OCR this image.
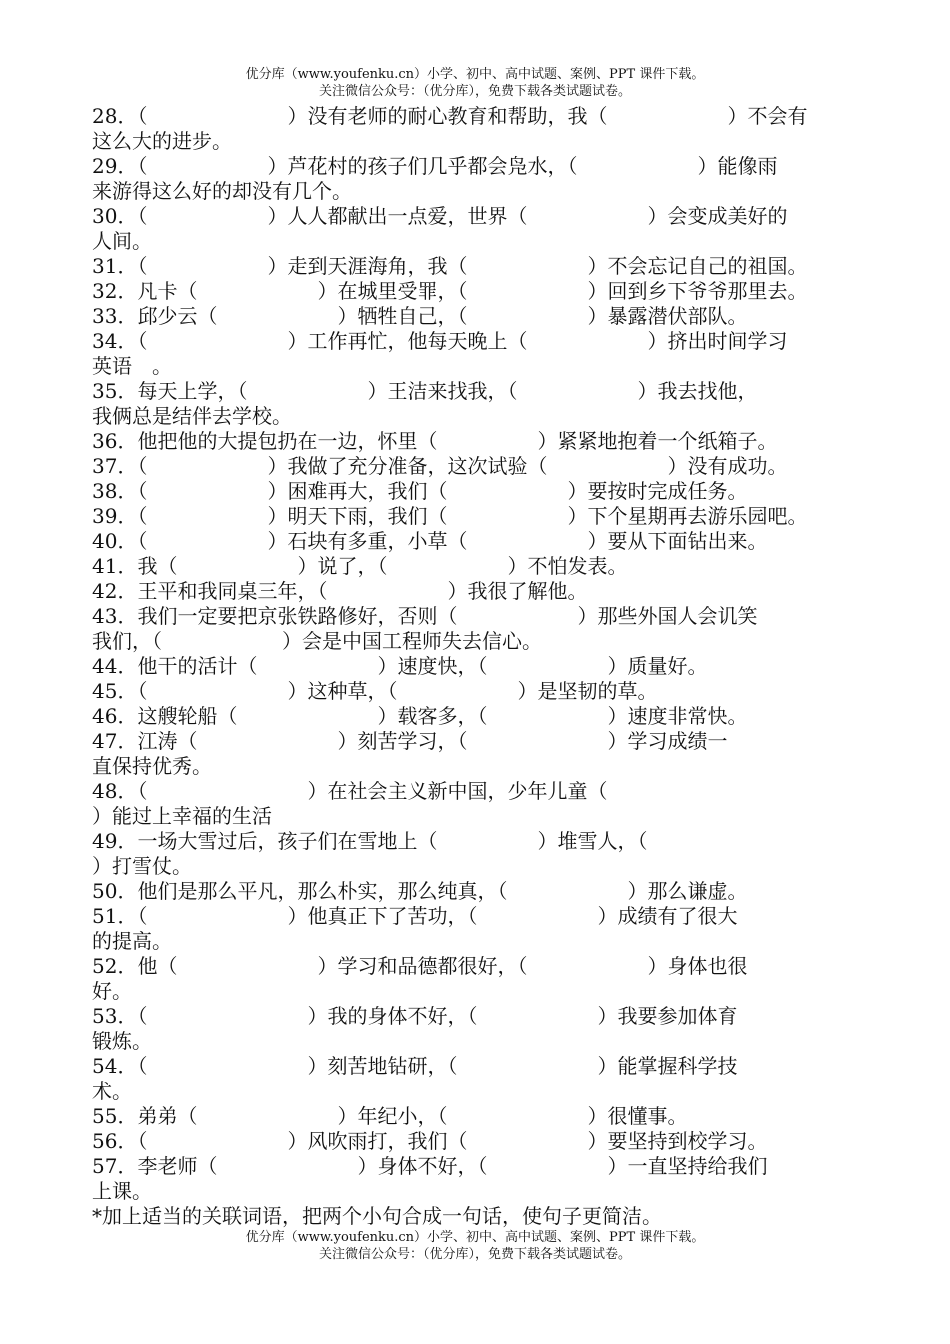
优分库（www.youfenku.cn）小学、初中、高中试题、案例、PPT 课件下载。
关注微信公众号：（优分库），免费下载各类试题试卷。
28．（　　　　　　　）没有老师的耐心教育和帮助，我（　　　　　　）不会有
这么大的进步。
29．（　　　　　　）芦花村的孩子们几乎都会凫水，（　　　　　　）能像雨
来游得这么好的却没有几个。
30．（　　　　　　）人人都献出一点爱，世界（　　　　　　）会变成美好的
人间。
31．（　　　　　　）走到天涯海角，我（　　　　　　）不会忘记自己的祖国。
32．凡卡（　　　　　　）在城里受罪，（　　　　　　）回到乡下爷爷那里去。
33．邱少云（　　　　　　）牺牲自己，（　　　　　　）暴露潜伏部队。
34．（　　　　　　　）工作再忙，他每天晚上（　　　　　　）挤出时间学习
英语　。
35．每天上学，（　　　　　　）王洁来找我，（　　　　　　）我去找他，
我俩总是结伴去学校。
36．他把他的大提包扔在一边，怀里（　　　　　）紧紧地抱着一个纸箱子。
37．（　　　　　　）我做了充分准备，这次试验（　　　　　　）没有成功。
38．（　　　　　　）困难再大，我们（　　　　　　）要按时完成任务。
39．（　　　　　　）明天下雨，我们（　　　　　　）下个星期再去游乐园吧。
40．（　　　　　　）石块有多重，小草（　　　　　　）要从下面钻出来。
41．我（　　　　　　）说了，（　　　　　　）不怕发表。
42．王平和我同桌三年，（　　　　　　）我很了解他。
43．我们一定要把京张铁路修好，否则（　　　　　　）那些外国人会讥笑
我们，（　　　　　　）会是中国工程师失去信心。
44．他干的活计（　　　　　　）速度快，（　　　　　　）质量好。
45．（　　　　　　　）这种草，（　　　　　　）是坚韧的草。
46．这艘轮船（　　　　　　　）载客多，（　　　　　　）速度非常快。
47．江涛（　　　　　　　）刻苦学习，（　　　　　　　）学习成绩一
直保持优秀。
48．（　　　　　　　　）在社会主义新中国，少年儿童（
）能过上幸福的生活
49．一场大雪过后，孩子们在雪地上（　　　　　）堆雪人，（
）打雪仗。
50．他们是那么平凡，那么朴实，那么纯真，（　　　　　　）那么谦虚。
51．（　　　　　　　）他真正下了苦功，（　　　　　　）成绩有了很大
的提高。
52．他（　　　　　　　）学习和品德都很好，（　　　　　　）身体也很
好。
53．（　　　　　　　　）我的身体不好，（　　　　　　）我要参加体育
锻炼。
54．（　　　　　　　　）刻苦地钻研，（　　　　　　　）能掌握科学技
术。
55．弟弟（　　　　　　　）年纪小，（　　　　　　　）很懂事。
56．（　　　　　　　）风吹雨打，我们（　　　　　　）要坚持到校学习。
57．李老师（　　　　　　　）身体不好，（　　　　　　）一直坚持给我们
上课。
*加上适当的关联词语，把两个小句合成一句话，使句子更简洁。
优分库（www.youfenku.cn）小学、初中、高中试题、案例、PPT 课件下载。
关注微信公众号：（优分库），免费下载各类试题试卷。
